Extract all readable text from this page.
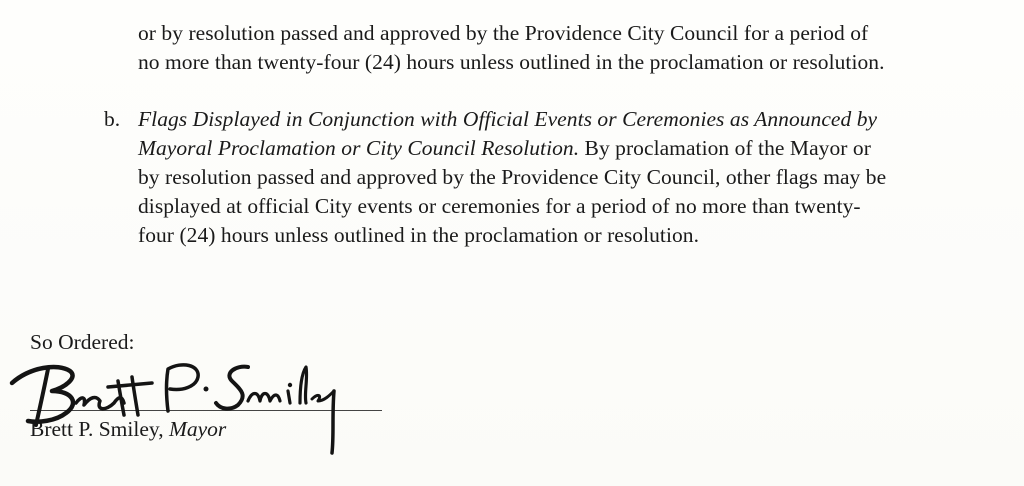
or by resolution passed and approved by the Providence City Council for a period of
no more than twenty-four (24) hours unless outlined in the proclamation or resolution.
b. Flags Displayed in Conjunction with Official Events or Ceremonies as Announced by
Mayoral Proclamation or City Council Resolution. By proclamation of the Mayor or
by resolution passed and approved by the Providence City Council, other flags may be
displayed at official City events or ceremonies for a period of no more than twenty-
four (24) hours unless outlined in the proclamation or resolution.
So Ordered:
Brett P. Smiley, Mayor
